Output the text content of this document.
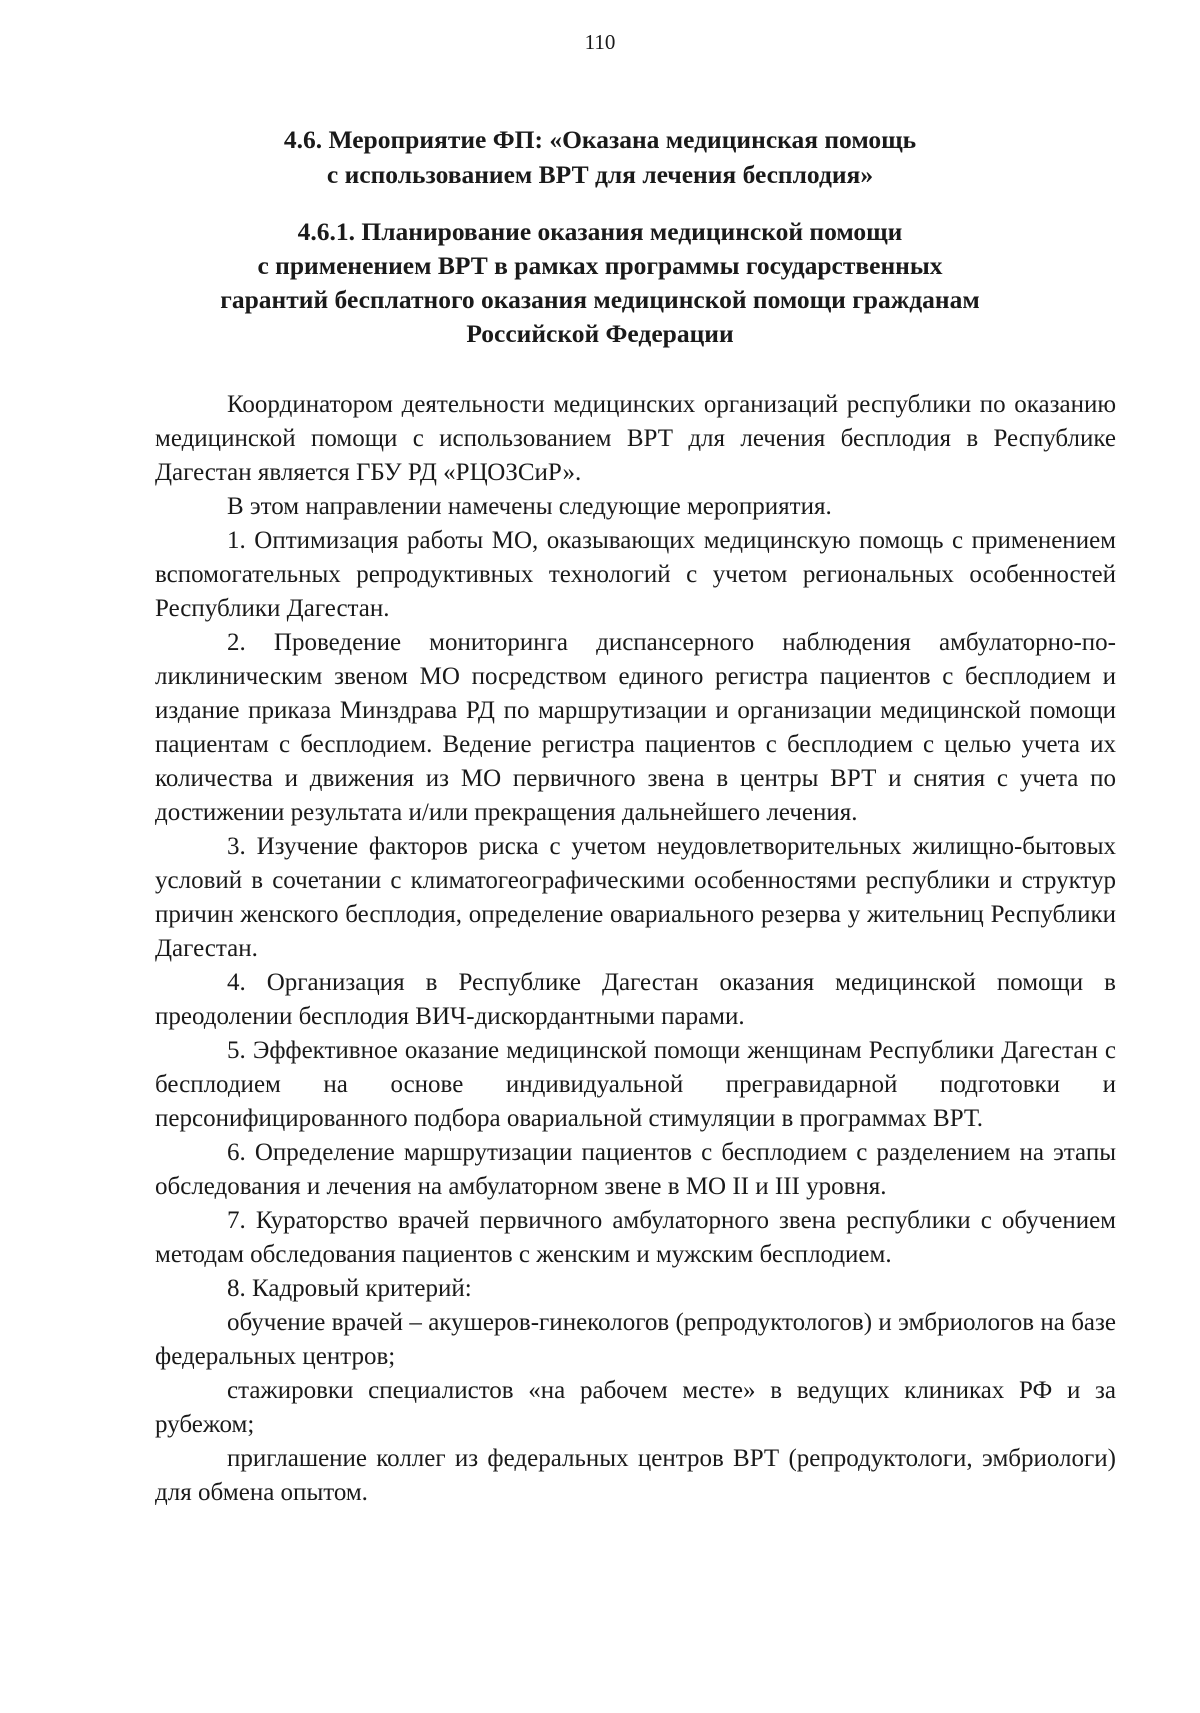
110
4.6. Мероприятие ФП: «Оказана медицинская помощь
с использованием ВРТ для лечения бесплодия»
4.6.1. Планирование оказания медицинской помощи
с применением ВРТ в рамках программы государственных
гарантий бесплатного оказания медицинской помощи гражданам
Российской Федерации

Координатором деятельности медицинских организаций республики по оказанию медицинской помощи с использованием ВРТ для лечения бесплодия в Республике Дагестан является ГБУ РД «РЦОЗСиР».

В этом направлении намечены следующие мероприятия.

1. Оптимизация работы МО, оказывающих медицинскую помощь с применением вспомогательных репродуктивных технологий с учетом региональных особенностей Республики Дагестан.

2. Проведение мониторинга диспансерного наблюдения амбулаторно-поликлиническим звеном МО посредством единого регистра пациентов с бесплодием и издание приказа Минздрава РД по маршрутизации и организации медицинской помощи пациентам с бесплодием. Ведение регистра пациентов с бесплодием с целью учета их количества и движения из МО первичного звена в центры ВРТ и снятия с учета по достижении результата и/или прекращения дальнейшего лечения.

3. Изучение факторов риска с учетом неудовлетворительных жилищно-бытовых условий в сочетании с климатогеографическими особенностями республики и структур причин женского бесплодия, определение овариального резерва у жительниц Республики Дагестан.

4. Организация в Республике Дагестан оказания медицинской помощи в преодолении бесплодия ВИЧ-дискордантными парами.

5. Эффективное оказание медицинской помощи женщинам Республики Дагестан с бесплодием на основе индивидуальной прегравидарной подготовки и персонифицированного подбора овариальной стимуляции в программах ВРТ.

6. Определение маршрутизации пациентов с бесплодием с разделением на этапы обследования и лечения на амбулаторном звене в МО II и III уровня.

7. Кураторство врачей первичного амбулаторного звена республики с обучением методам обследования пациентов с женским и мужским бесплодием.

8. Кадровый критерий:

обучение врачей – акушеров-гинекологов (репродуктологов) и эмбриологов на базе федеральных центров;

стажировки специалистов «на рабочем месте» в ведущих клиниках РФ и за рубежом;

приглашение коллег из федеральных центров ВРТ (репродуктологи, эмбриологи) для обмена опытом.
